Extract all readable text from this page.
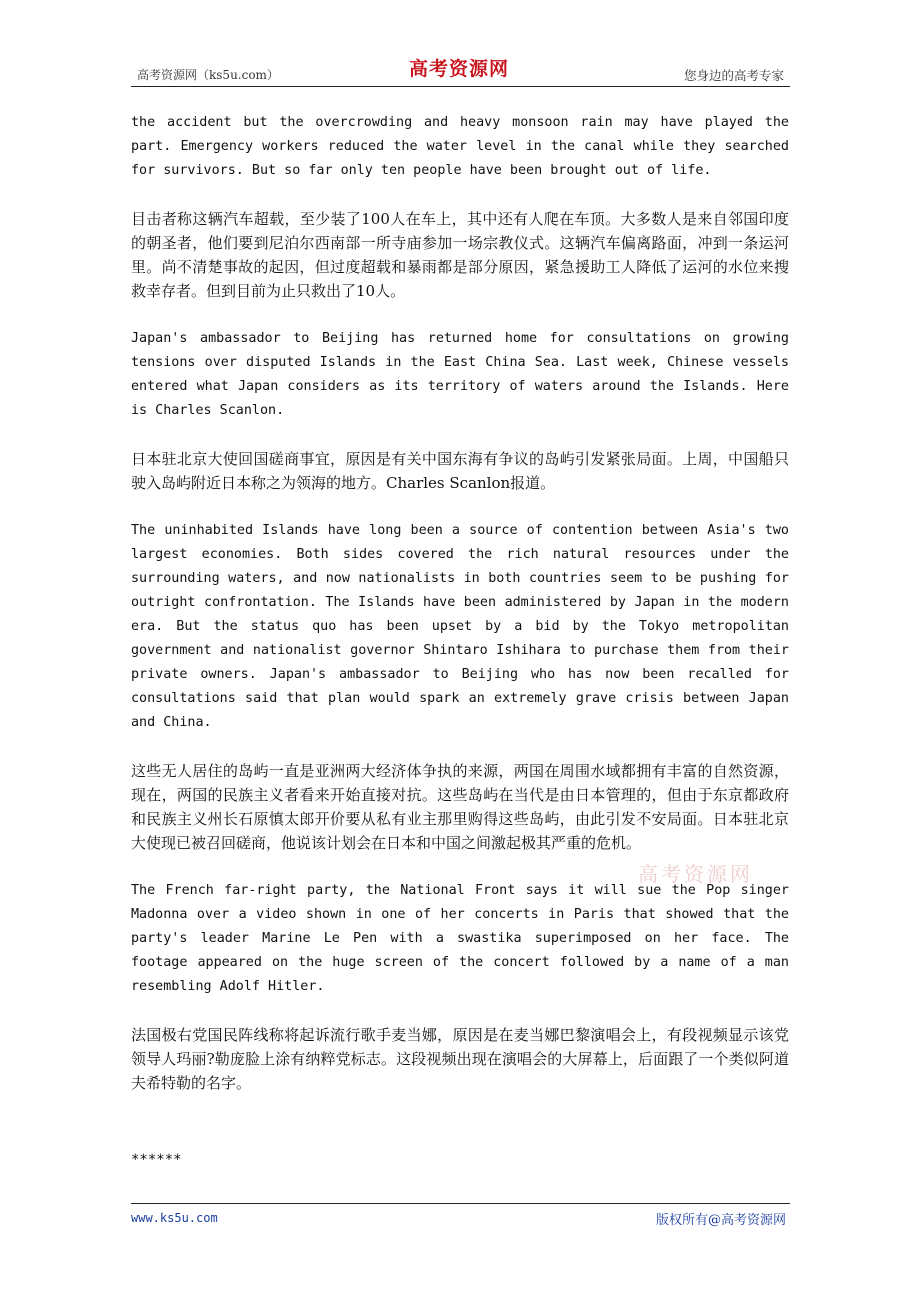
高考资源网（ks5u.com）	高考资源网	您身边的高考专家

the accident but the overcrowding and heavy monsoon rain may have played the part. Emergency workers reduced the water level in the canal while they searched for survivors. But so far only ten people have been brought out of life.

目击者称这辆汽车超载，至少装了100人在车上，其中还有人爬在车顶。大多数人是来自邻国印度的朝圣者，他们要到尼泊尔西南部一所寺庙参加一场宗教仪式。这辆汽车偏离路面，冲到一条运河里。尚不清楚事故的起因，但过度超载和暴雨都是部分原因，紧急援助工人降低了运河的水位来搜救幸存者。但到目前为止只救出了10人。

Japan's ambassador to Beijing has returned home for consultations on growing tensions over disputed Islands in the East China Sea. Last week, Chinese vessels entered what Japan considers as its territory of waters around the Islands. Here is Charles Scanlon.

日本驻北京大使回国磋商事宜，原因是有关中国东海有争议的岛屿引发紧张局面。上周，中国船只驶入岛屿附近日本称之为领海的地方。Charles Scanlon报道。

The uninhabited Islands have long been a source of contention between Asia's two largest economies. Both sides covered the rich natural resources under the surrounding waters, and now nationalists in both countries seem to be pushing for outright confrontation. The Islands have been administered by Japan in the modern era. But the status quo has been upset by a bid by the Tokyo metropolitan government and nationalist governor Shintaro Ishihara to purchase them from their private owners. Japan's ambassador to Beijing who has now been recalled for consultations said that plan would spark an extremely grave crisis between Japan and China.

这些无人居住的岛屿一直是亚洲两大经济体争执的来源，两国在周围水域都拥有丰富的自然资源，现在，两国的民族主义者看来开始直接对抗。这些岛屿在当代是由日本管理的，但由于东京都政府和民族主义州长石原慎太郎开价要从私有业主那里购得这些岛屿，由此引发不安局面。日本驻北京大使现已被召回磋商，他说该计划会在日本和中国之间激起极其严重的危机。

The French far-right party, the National Front says it will sue the Pop singer Madonna over a video shown in one of her concerts in Paris that showed that the party's leader Marine Le Pen with a swastika superimposed on her face. The footage appeared on the huge screen of the concert followed by a name of a man resembling Adolf Hitler.

法国极右党国民阵线称将起诉流行歌手麦当娜，原因是在麦当娜巴黎演唱会上，有段视频显示该党领导人玛丽?勒庞脸上涂有纳粹党标志。这段视频出现在演唱会的大屏幕上，后面跟了一个类似阿道夫希特勒的名字。

高考资源网
******
www.ks5u.com	版权所有@高考资源网
